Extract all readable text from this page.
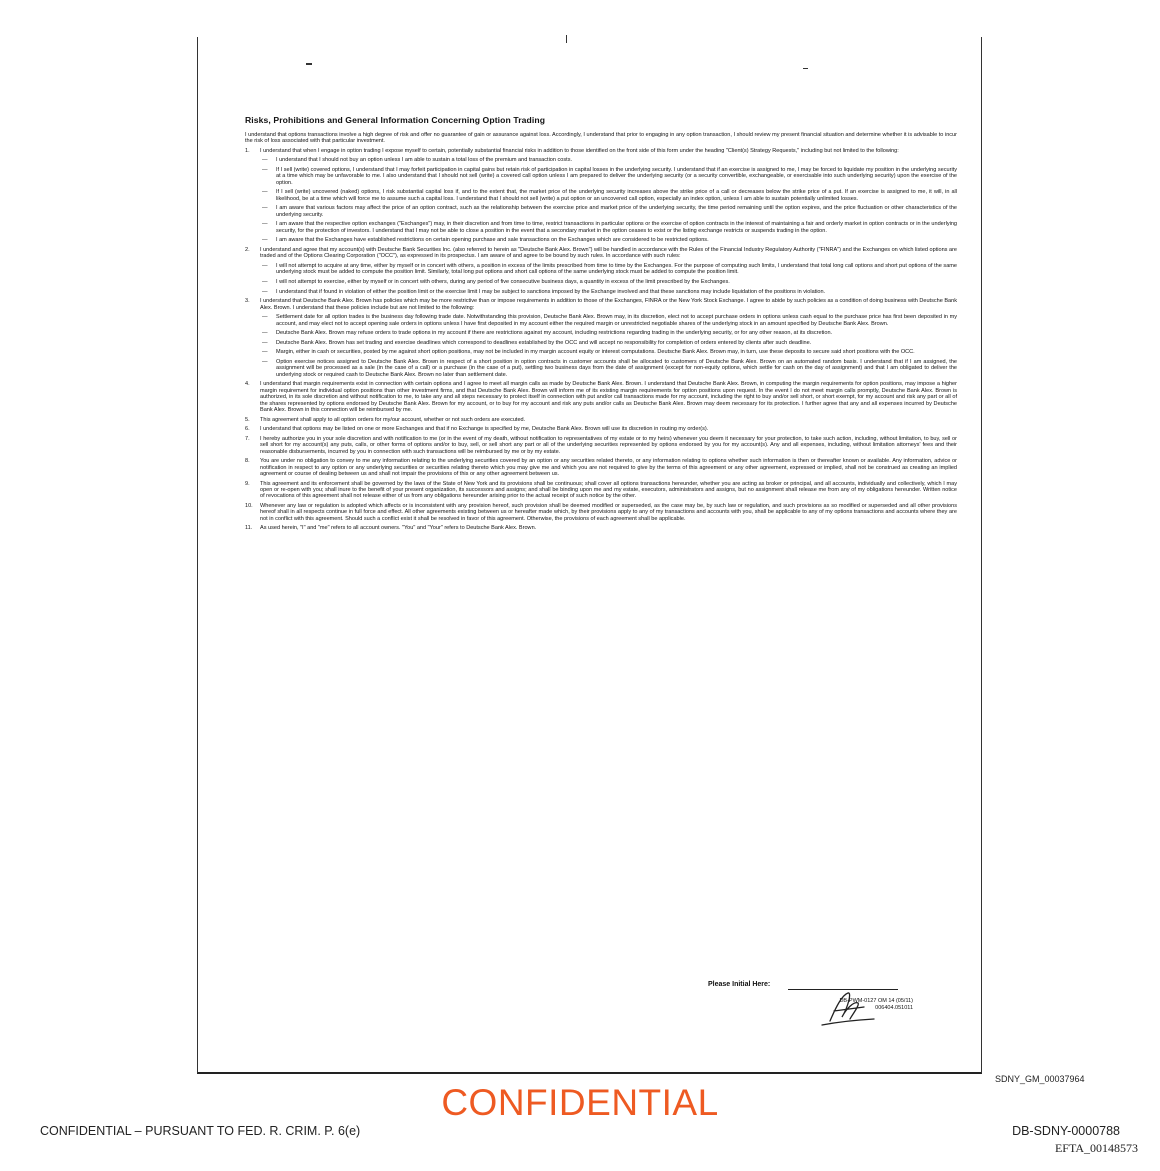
Risks, Prohibitions and General Information Concerning Option Trading
I understand that options transactions involve a high degree of risk and offer no guarantee of gain or assurance against loss. Accordingly, I understand that prior to engaging in any option transaction, I should review my present financial situation and determine whether it is advisable to incur the risk of loss associated with that particular investment.
1.	I understand that when I engage in option trading I expose myself to certain, potentially substantial financial risks in addition to those identified on the front side of this form under the heading "Client(s) Strategy Requests," including but not limited to the following:

—	I understand that I should not buy an option unless I am able to sustain a total loss of the premium and transaction costs.
—	If I sell (write) covered options, I understand that I may forfeit participation in capital gains but retain risk of participation in capital losses in the underlying security. I understand that if an exercise is assigned to me, I may be forced to liquidate my position in the underlying security at a time which may be unfavorable to me. I also understand that I should not sell (write) a covered call option unless I am prepared to deliver the underlying security (or a security convertible, exchangeable, or exercisable into such underlying security) upon the exercise of the option.
—	If I sell (write) uncovered (naked) options, I risk substantial capital loss if, and to the extent that, the market price of the underlying security increases above the strike price of a call or decreases below the strike price of a put. If an exercise is assigned to me, it will, in all likelihood, be at a time which will force me to assume such a capital loss. I understand that I should not sell (write) a put option or an uncovered call option, especially an index option, unless I am able to sustain potentially unlimited losses.
—	I am aware that various factors may affect the price of an option contract, such as the relationship between the exercise price and market price of the underlying security, the time period remaining until the option expires, and the price fluctuation or other characteristics of the underlying security.
—	I am aware that the respective option exchanges ("Exchanges") may, in their discretion and from time to time, restrict transactions in particular options or the exercise of option contracts in the interest of maintaining a fair and orderly market in option contracts or in the underlying security, for the protection of investors. I understand that I may not be able to close a position in the event that a secondary market in the option ceases to exist or the listing exchange restricts or suspends trading in the option.
—	I am aware that the Exchanges have established restrictions on certain opening purchase and sale transactions on the Exchanges which are considered to be restricted options.
2.	I understand and agree that my account(s) with Deutsche Bank Securities Inc. (also referred to herein as "Deutsche Bank Alex. Brown") will be handled in accordance with the Rules of the Financial Industry Regulatory Authority ("FINRA") and the Exchanges on which listed options are traded and of the Options Clearing Corporation ("OCC"), as expressed in its prospectus. I am aware of and agree to be bound by such rules. In accordance with such rules:

—	I will not attempt to acquire at any time, either by myself or in concert with others, a position in excess of the limits prescribed from time to time by the Exchanges. For the purpose of computing such limits, I understand that total long call options and short put options of the same underlying stock must be added to compute the position limit. Similarly, total long put options and short call options of the same underlying stock must be added to compute the position limit.
—	I will not attempt to exercise, either by myself or in concert with others, during any period of five consecutive business days, a quantity in excess of the limit prescribed by the Exchanges.
—	I understand that if found in violation of either the position limit or the exercise limit I may be subject to sanctions imposed by the Exchange involved and that these sanctions may include liquidation of the positions in violation.
3.	I understand that Deutsche Bank Alex. Brown has policies which may be more restrictive than or impose requirements in addition to those of the Exchanges, FINRA or the New York Stock Exchange. I agree to abide by such policies as a condition of doing business with Deutsche Bank Alex. Brown. I understand that these policies include but are not limited to the following:

—	Settlement date for all option trades is the business day following trade date. Notwithstanding this provision, Deutsche Bank Alex. Brown may, in its discretion, elect not to accept purchase orders in options unless cash equal to the purchase price has first been deposited in my account, and may elect not to accept opening sale orders in options unless I have first deposited in my account either the required margin or unrestricted negotiable shares of the underlying stock in an amount specified by Deutsche Bank Alex. Brown.
—	Deutsche Bank Alex. Brown may refuse orders to trade options in my account if there are restrictions against my account, including restrictions regarding trading in the underlying security, or for any other reason, at its discretion.
—	Deutsche Bank Alex. Brown has set trading and exercise deadlines which correspond to deadlines established by the OCC and will accept no responsibility for completion of orders entered by clients after such deadline.
—	Margin, either in cash or securities, posted by me against short option positions, may not be included in my margin account equity or interest computations. Deutsche Bank Alex. Brown may, in turn, use these deposits to secure said short positions with the OCC.
—	Option exercise notices assigned to Deutsche Bank Alex. Brown in respect of a short position in option contracts in customer accounts shall be allocated to customers of Deutsche Bank Alex. Brown on an automated random basis. I understand that if I am assigned, the assignment will be processed as a sale (in the case of a call) or a purchase (in the case of a put), settling two business days from the date of assignment (except for non-equity options, which settle for cash on the day of assignment) and that I am obligated to deliver the underlying stock or required cash to Deutsche Bank Alex. Brown no later than settlement date.
4.	I understand that margin requirements exist in connection with certain options and I agree to meet all margin calls as made by Deutsche Bank Alex. Brown. I understand that Deutsche Bank Alex. Brown, in computing the margin requirements for option positions, may impose a higher margin requirement for individual option positions than other investment firms, and that Deutsche Bank Alex. Brown will inform me of its existing margin requirements for option positions upon request. In the event I do not meet margin calls promptly, Deutsche Bank Alex. Brown is authorized, in its sole discretion and without notification to me, to take any and all steps necessary to protect itself in connection with put and/or call transactions made for my account, including the right to buy and/or sell short, or short exempt, for my account and risk any part or all of the shares represented by options endorsed by Deutsche Bank Alex. Brown for my account, or to buy for my account and risk any puts and/or calls as Deutsche Bank Alex. Brown may deem necessary for its protection. I further agree that any and all expenses incurred by Deutsche Bank Alex. Brown in this connection will be reimbursed by me.

5.	This agreement shall apply to all option orders for my/our account, whether or not such orders are executed.

6.	I understand that options may be listed on one or more Exchanges and that if no Exchange is specified by me, Deutsche Bank Alex. Brown will use its discretion in routing my order(s).

7.	I hereby authorize you in your sole discretion and with notification to me (or in the event of my death, without notification to representatives of my estate or to my heirs) whenever you deem it necessary for your protection, to take such action, including, without limitation, to buy, sell or sell short for my account(s) any puts, calls, or other forms of options and/or to buy, sell, or sell short any part or all of the underlying securities represented by options endorsed by you for my account(s). Any and all expenses, including, without limitation attorneys' fees and their reasonable disbursements, incurred by you in connection with such transactions will be reimbursed by me or by my estate.

8.	You are under no obligation to convey to me any information relating to the underlying securities covered by an option or any securities related thereto, or any information relating to options whether such information is then or thereafter known or available. Any information, advice or notification in respect to any option or any underlying securities or securities relating thereto which you may give me and which you are not required to give by the terms of this agreement or any other agreement, expressed or implied, shall not be construed as creating an implied agreement or course of dealing between us and shall not impair the provisions of this or any other agreement between us.

9.	This agreement and its enforcement shall be governed by the laws of the State of New York and its provisions shall be continuous; shall cover all options transactions hereunder, whether you are acting as broker or principal, and all accounts, individually and collectively, which I may open or re-open with you; shall inure to the benefit of your present organization, its successors and assigns; and shall be binding upon me and my estate, executors, administrators and assigns, but no assignment shall release me from any of my obligations hereunder. Written notice of revocations of this agreement shall not release either of us from any obligations hereunder arising prior to the actual receipt of such notice by the other.

10.	Whenever any law or regulation is adopted which affects or is inconsistent with any provision hereof, such provision shall be deemed modified or superseded, as the case may be, by such law or regulation, and such provisions as so modified or superseded and all other provisions hereof shall in all respects continue in full force and effect. All other agreements existing between us or hereafter made which, by their provisions apply to any of my transactions and accounts with you, shall be applicable to any of my options transactions and accounts where they are not in conflict with this agreement. Should such a conflict exist it shall be resolved in favor of this agreement. Otherwise, the provisions of each agreement shall be applicable.

11.	As used herein, "I" and "me" refers to all account owners. "You" and "Your" refers to Deutsche Bank Alex. Brown.

Please Initial Here:
DB-PWM-0127 OM 14 (05/11)
006404.051011
SDNY_GM_00037964
CONFIDENTIAL
CONFIDENTIAL – PURSUANT TO FED. R. CRIM. P. 6(e)	DB-SDNY-0000788
EFTA_00148573
